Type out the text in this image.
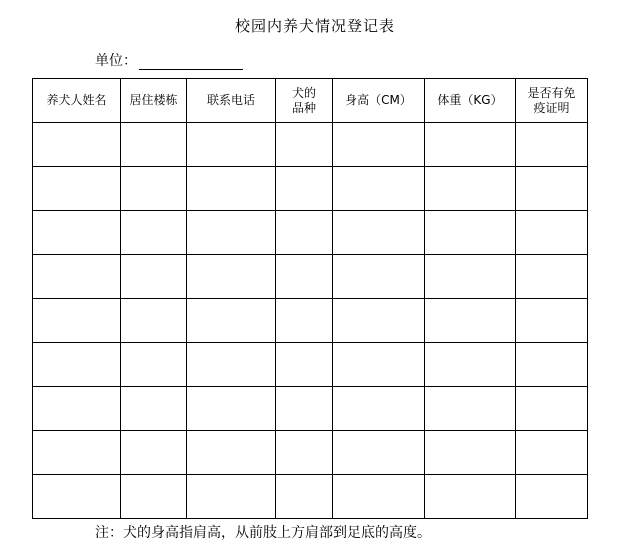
校园内养犬情况登记表
单位：
养犬人姓名	居住楼栋	联系电话	犬的品种	身高（CM）	体重（KG）	是否有免疫证明

注：犬的身高指肩高，从前肢上方肩部到足底的高度。
